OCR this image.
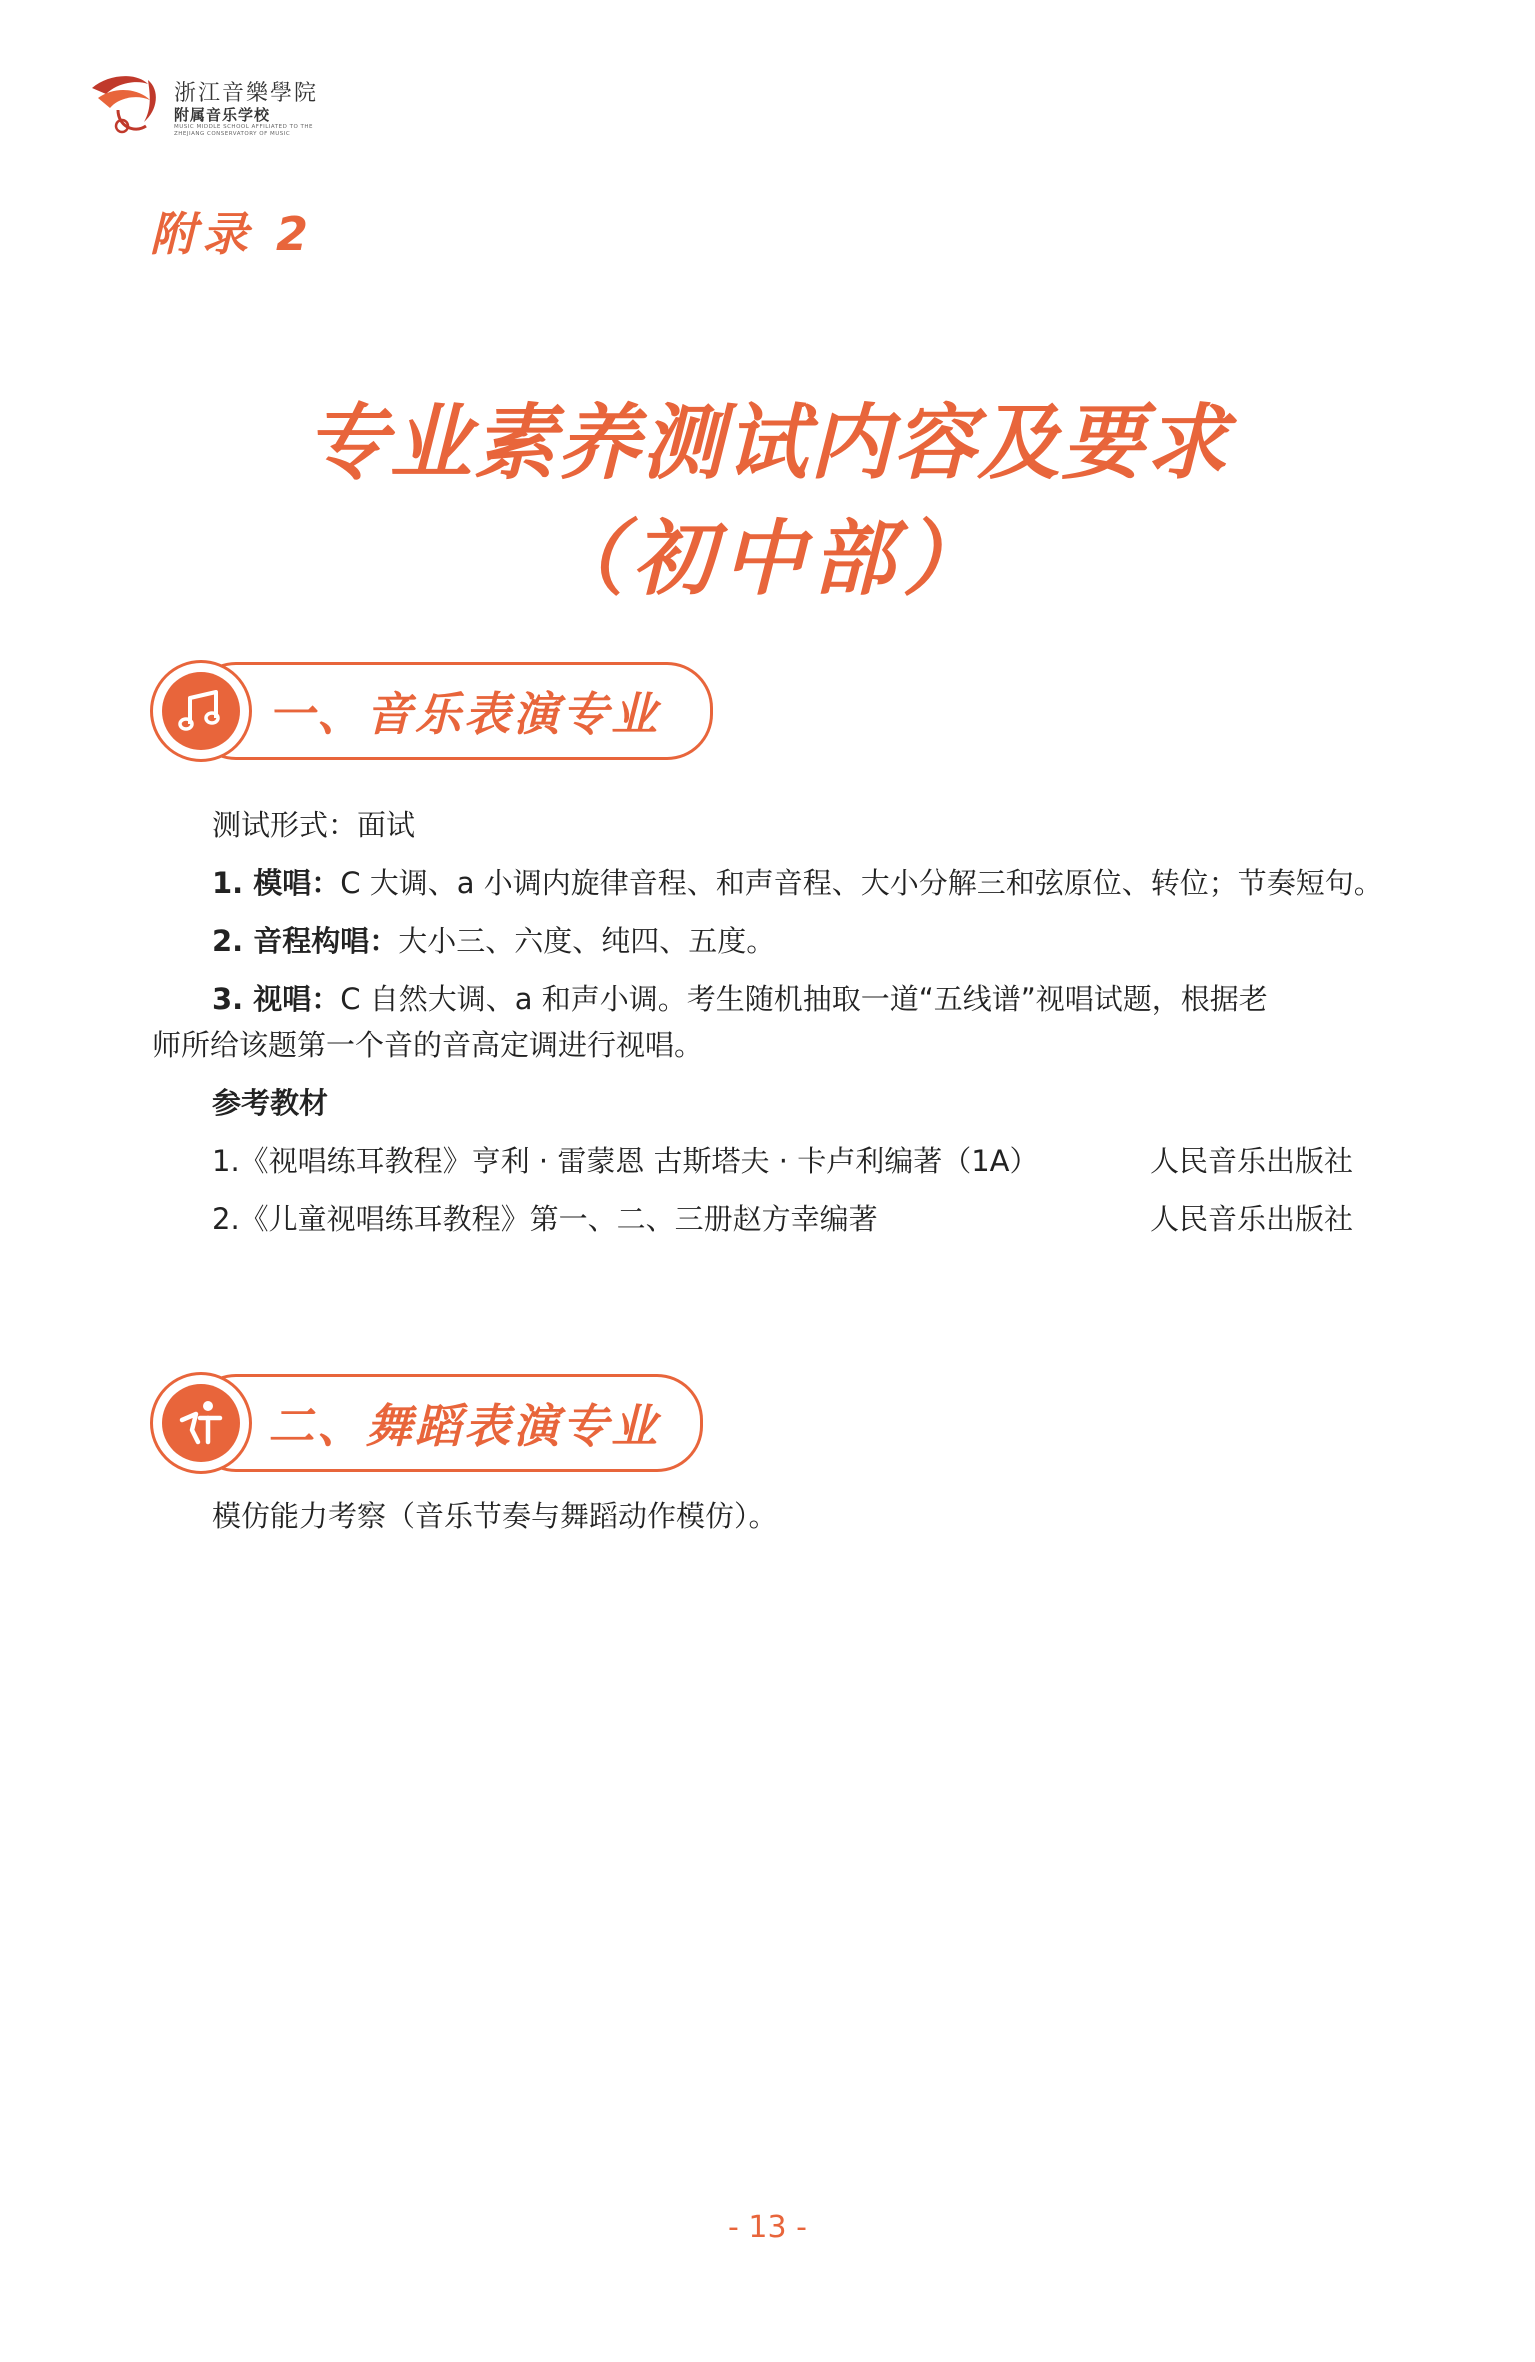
浙江音樂學院
附属音乐学校
MUSIC MIDDLE SCHOOL AFFILIATED TO THE
ZHEJIANG CONSERVATORY OF MUSIC
附录 2
专业素养测试内容及要求
（初中部）
一、音乐表演专业
测试形式：面试
1. 模唱：C 大调、a 小调内旋律音程、和声音程、大小分解三和弦原位、转位；节奏短句。
2. 音程构唱：大小三、六度、纯四、五度。
3. 视唱：C 自然大调、a 和声小调。考生随机抽取一道“五线谱”视唱试题，根据老
师所给该题第一个音的音高定调进行视唱。
参考教材
1.《视唱练耳教程》亨利 · 雷蒙恩 古斯塔夫 · 卡卢利编著（1A）	人民音乐出版社
2.《儿童视唱练耳教程》第一、二、三册赵方幸编著	人民音乐出版社
二、舞蹈表演专业
模仿能力考察（音乐节奏与舞蹈动作模仿）。
- 13 -
